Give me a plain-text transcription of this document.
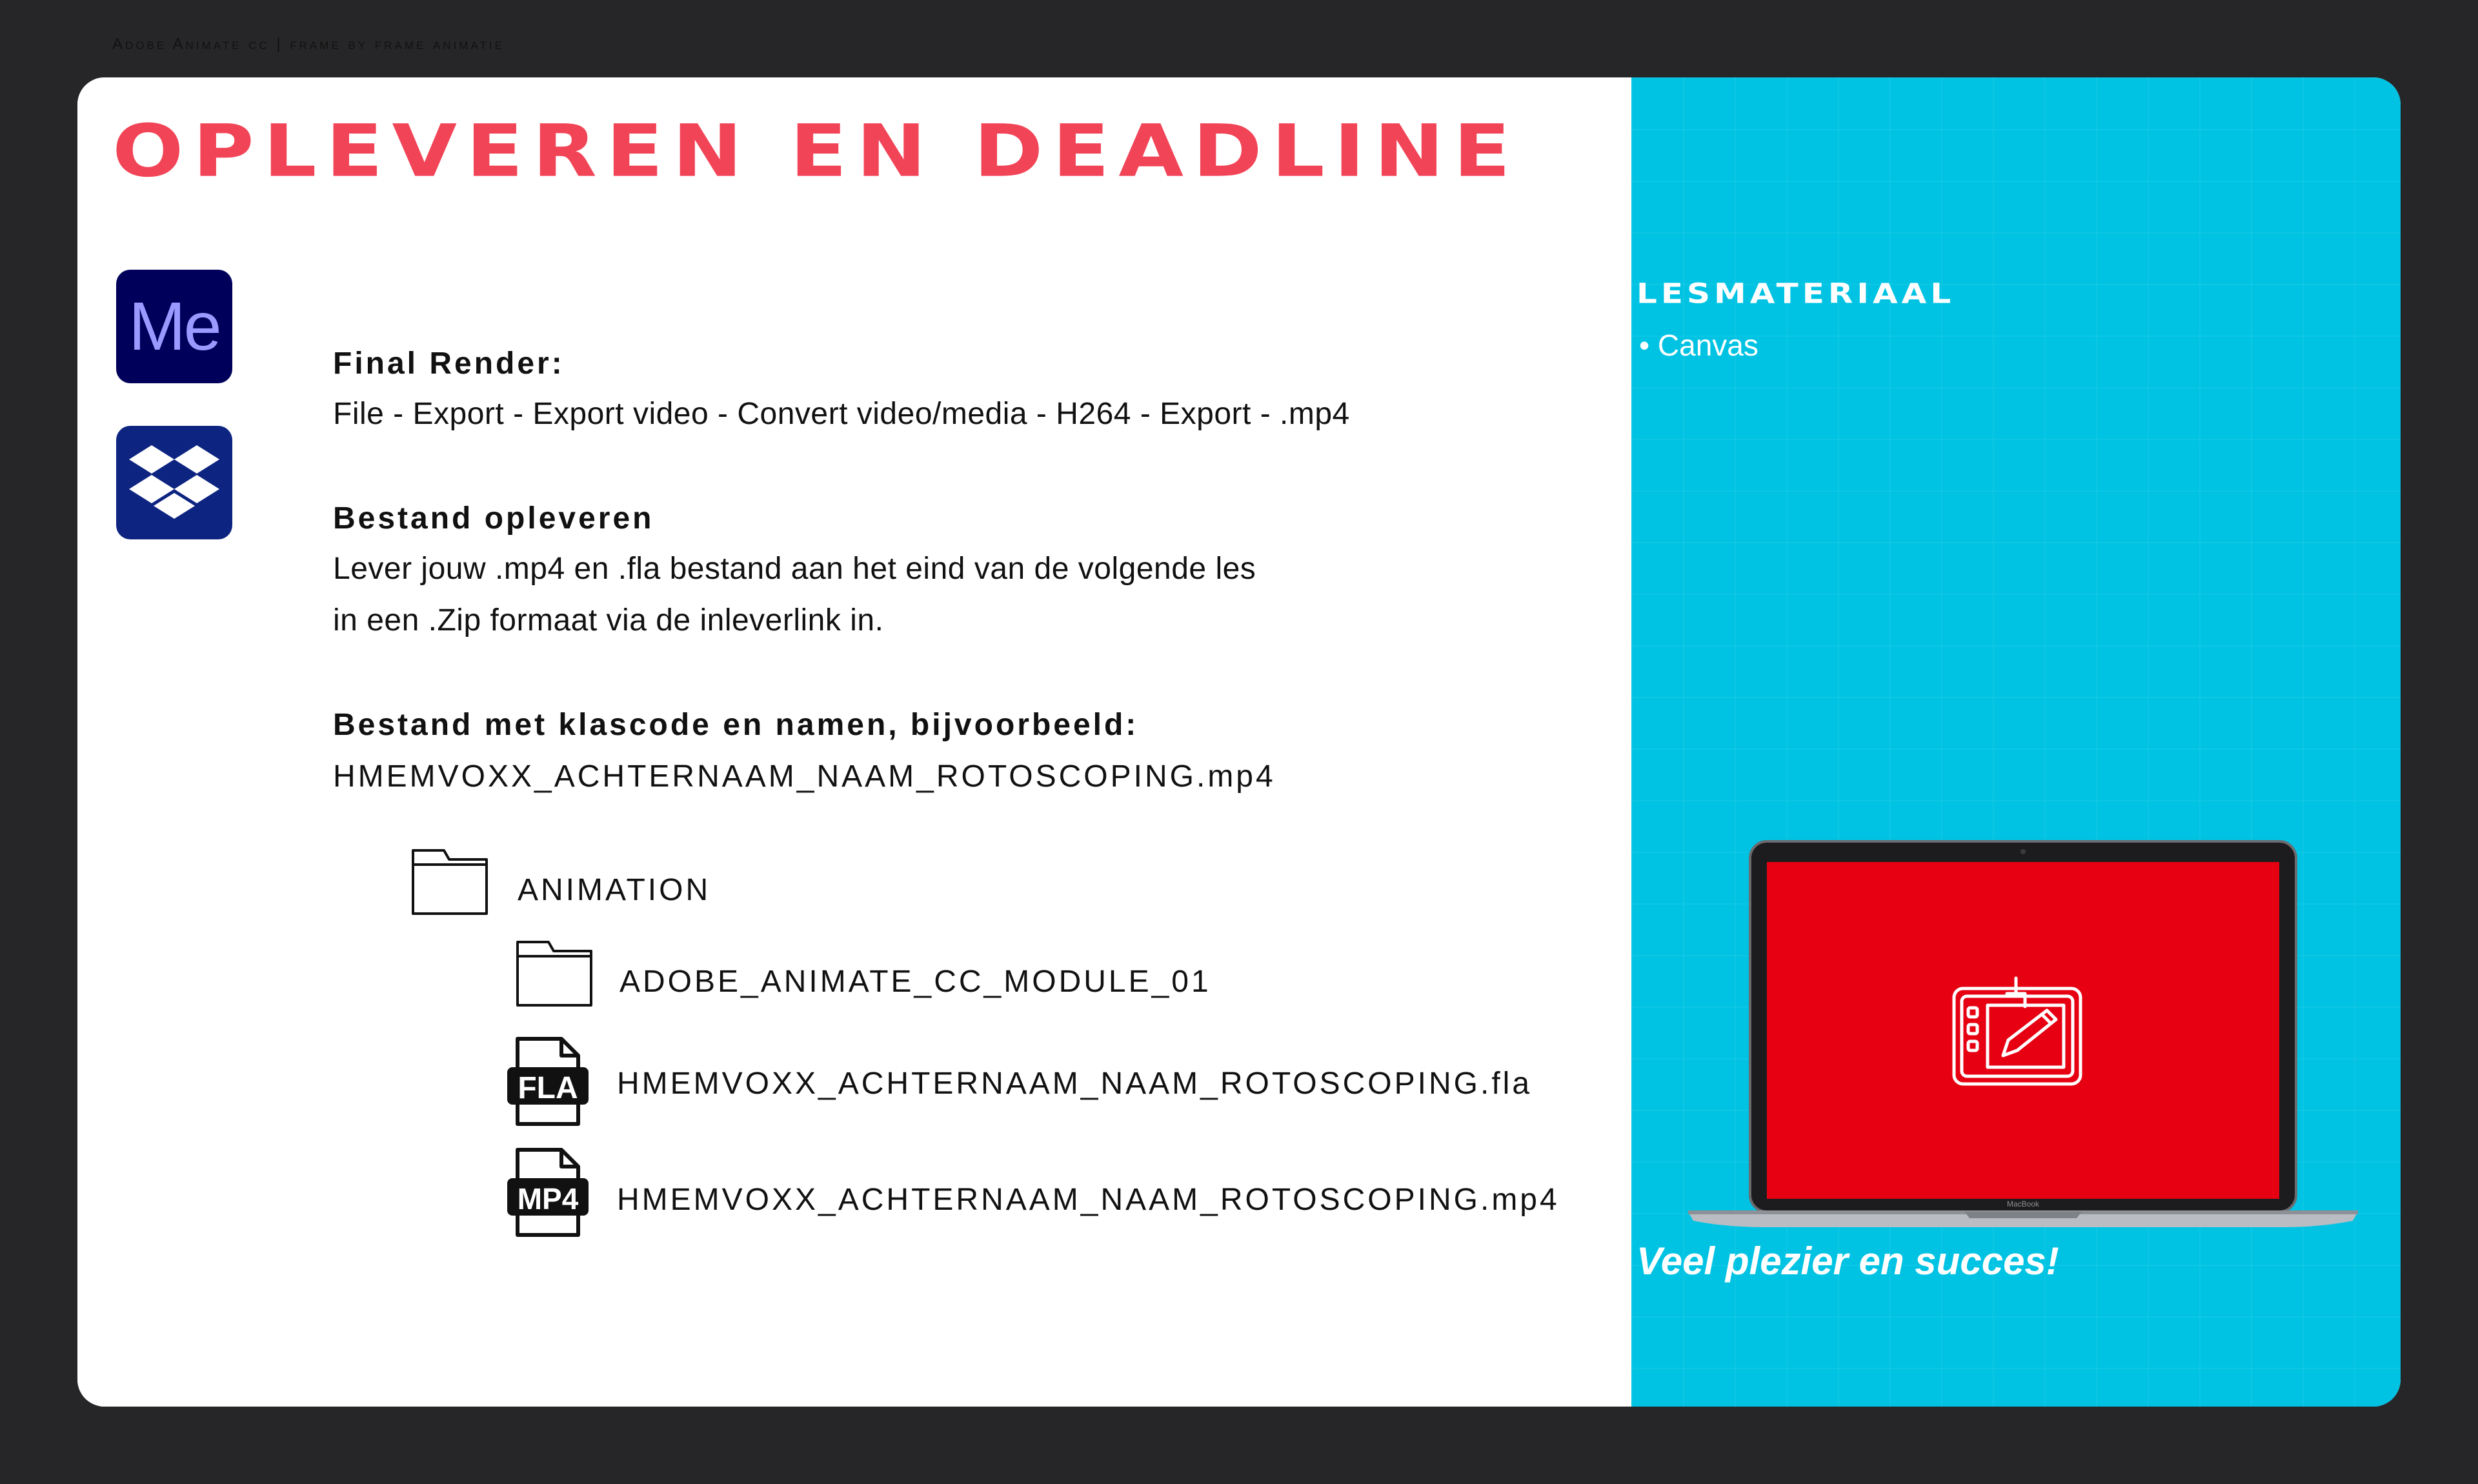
Adobe Animate cc | frame by frame animatie
OPLEVEREN EN DEADLINE
Me	Final Render:
File - Export - Export video - Convert video/media - H264 - Export - .mp4
Bestand opleveren
Lever jouw .mp4 en .fla bestand aan het eind van de volgende les
in een .Zip formaat via de inleverlink in.
Bestand met klascode en namen, bijvoorbeeld:
HMEMVOXX_ACHTERNAAM_NAAM_ROTOSCOPING.mp4
ANIMATION
ADOBE_ANIMATE_CC_MODULE_01
FLA HMEMVOXX_ACHTERNAAM_NAAM_ROTOSCOPING.fla
MP4 HMEMVOXX_ACHTERNAAM_NAAM_ROTOSCOPING.mp4
LESMATERIAAL
• Canvas
MacBook
Veel plezier en succes!
